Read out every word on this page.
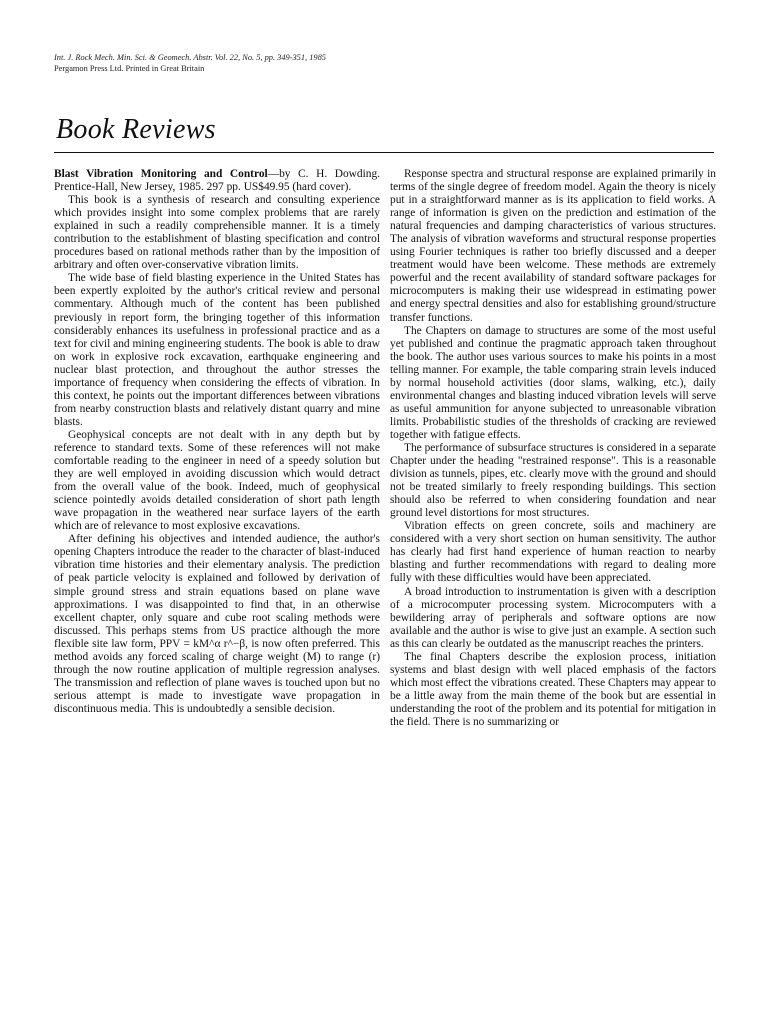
Int. J. Rock Mech. Min. Sci. & Geomech. Abstr. Vol. 22, No. 5, pp. 349-351, 1985
Pergamon Press Ltd. Printed in Great Britain
Book Reviews

Blast Vibration Monitoring and Control—by C. H. Dowding. Prentice-Hall, New Jersey, 1985. 297 pp. US$49.95 (hard cover).

This book is a synthesis of research and consulting experience which provides insight into some complex problems that are rarely explained in such a readily comprehensible manner. It is a timely contribution to the establishment of blasting specification and control procedures based on rational methods rather than by the imposition of arbitrary and often over-conservative vibration limits.

The wide base of field blasting experience in the United States has been expertly exploited by the author's critical review and personal commentary. Although much of the content has been published previously in report form, the bringing together of this information considerably enhances its usefulness in professional practice and as a text for civil and mining engineering students. The book is able to draw on work in explosive rock excavation, earthquake engineering and nuclear blast protection, and throughout the author stresses the importance of frequency when considering the effects of vibration. In this context, he points out the important differences between vibrations from nearby construction blasts and relatively distant quarry and mine blasts.

Geophysical concepts are not dealt with in any depth but by reference to standard texts. Some of these references will not make comfortable reading to the engineer in need of a speedy solution but they are well employed in avoiding discussion which would detract from the overall value of the book. Indeed, much of geophysical science pointedly avoids detailed consideration of short path length wave propagation in the weathered near surface layers of the earth which are of relevance to most explosive excavations.

After defining his objectives and intended audience, the author's opening Chapters introduce the reader to the character of blast-induced vibration time histories and their elementary analysis. The prediction of peak particle velocity is explained and followed by derivation of simple ground stress and strain equations based on plane wave approximations. I was disappointed to find that, in an otherwise excellent chapter, only square and cube root scaling methods were discussed. This perhaps stems from US practice although the more flexible site law form, PPV = kM^α r^−β, is now often preferred. This method avoids any forced scaling of charge weight (M) to range (r) through the now routine application of multiple regression analyses. The transmission and reflection of plane waves is touched upon but no serious attempt is made to investigate wave propagation in discontinuous media. This is undoubtedly a sensible decision.

Response spectra and structural response are explained primarily in terms of the single degree of freedom model. Again the theory is nicely put in a straightforward manner as is its application to field works. A range of information is given on the prediction and estimation of the natural frequencies and damping characteristics of various structures. The analysis of vibration waveforms and structural response properties using Fourier techniques is rather too briefly discussed and a deeper treatment would have been welcome. These methods are extremely powerful and the recent availability of standard software packages for microcomputers is making their use widespread in estimating power and energy spectral densities and also for establishing ground/structure transfer functions.

The Chapters on damage to structures are some of the most useful yet published and continue the pragmatic approach taken throughout the book. The author uses various sources to make his points in a most telling manner. For example, the table comparing strain levels induced by normal household activities (door slams, walking, etc.), daily environmental changes and blasting induced vibration levels will serve as useful ammunition for anyone subjected to unreasonable vibration limits. Probabilistic studies of the thresholds of cracking are reviewed together with fatigue effects.

The performance of subsurface structures is considered in a separate Chapter under the heading "restrained response". This is a reasonable division as tunnels, pipes, etc. clearly move with the ground and should not be treated similarly to freely responding buildings. This section should also be referred to when considering foundation and near ground level distortions for most structures.

Vibration effects on green concrete, soils and machinery are considered with a very short section on human sensitivity. The author has clearly had first hand experience of human reaction to nearby blasting and further recommendations with regard to dealing more fully with these difficulties would have been appreciated.

A broad introduction to instrumentation is given with a description of a microcomputer processing system. Microcomputers with a bewildering array of peripherals and software options are now available and the author is wise to give just an example. A section such as this can clearly be outdated as the manuscript reaches the printers.

The final Chapters describe the explosion process, initiation systems and blast design with well placed emphasis of the factors which most effect the vibrations created. These Chapters may appear to be a little away from the main theme of the book but are essential in understanding the root of the problem and its potential for mitigation in the field. There is no summarizing or
